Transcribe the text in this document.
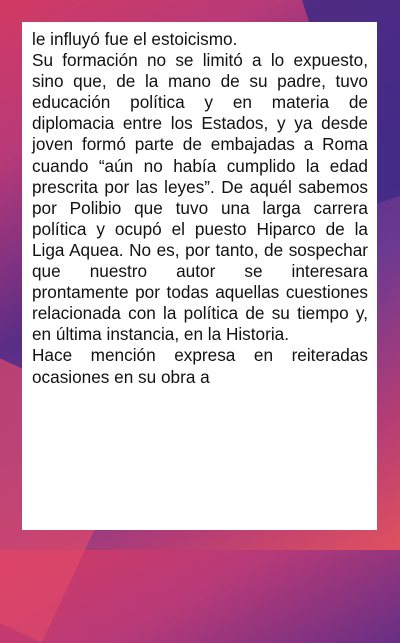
le influyó fue el estoicismo.

Su formación no se limitó a lo expuesto, sino que, de la mano de su padre, tuvo educación política y en materia de diplomacia entre los Estados, y ya desde joven formó parte de embajadas a Roma cuando “aún no había cumplido la edad prescrita por las leyes”. De aquél sabemos por Polibio que tuvo una larga carrera política y ocupó el puesto Hiparco de la Liga Aquea. No es, por tanto, de sospechar que nuestro autor se interesara prontamente por todas aquellas cuestiones relacionada con la política de su tiempo y, en última instancia, en la Historia.

Hace mención expresa en reiteradas ocasiones en su obra a
